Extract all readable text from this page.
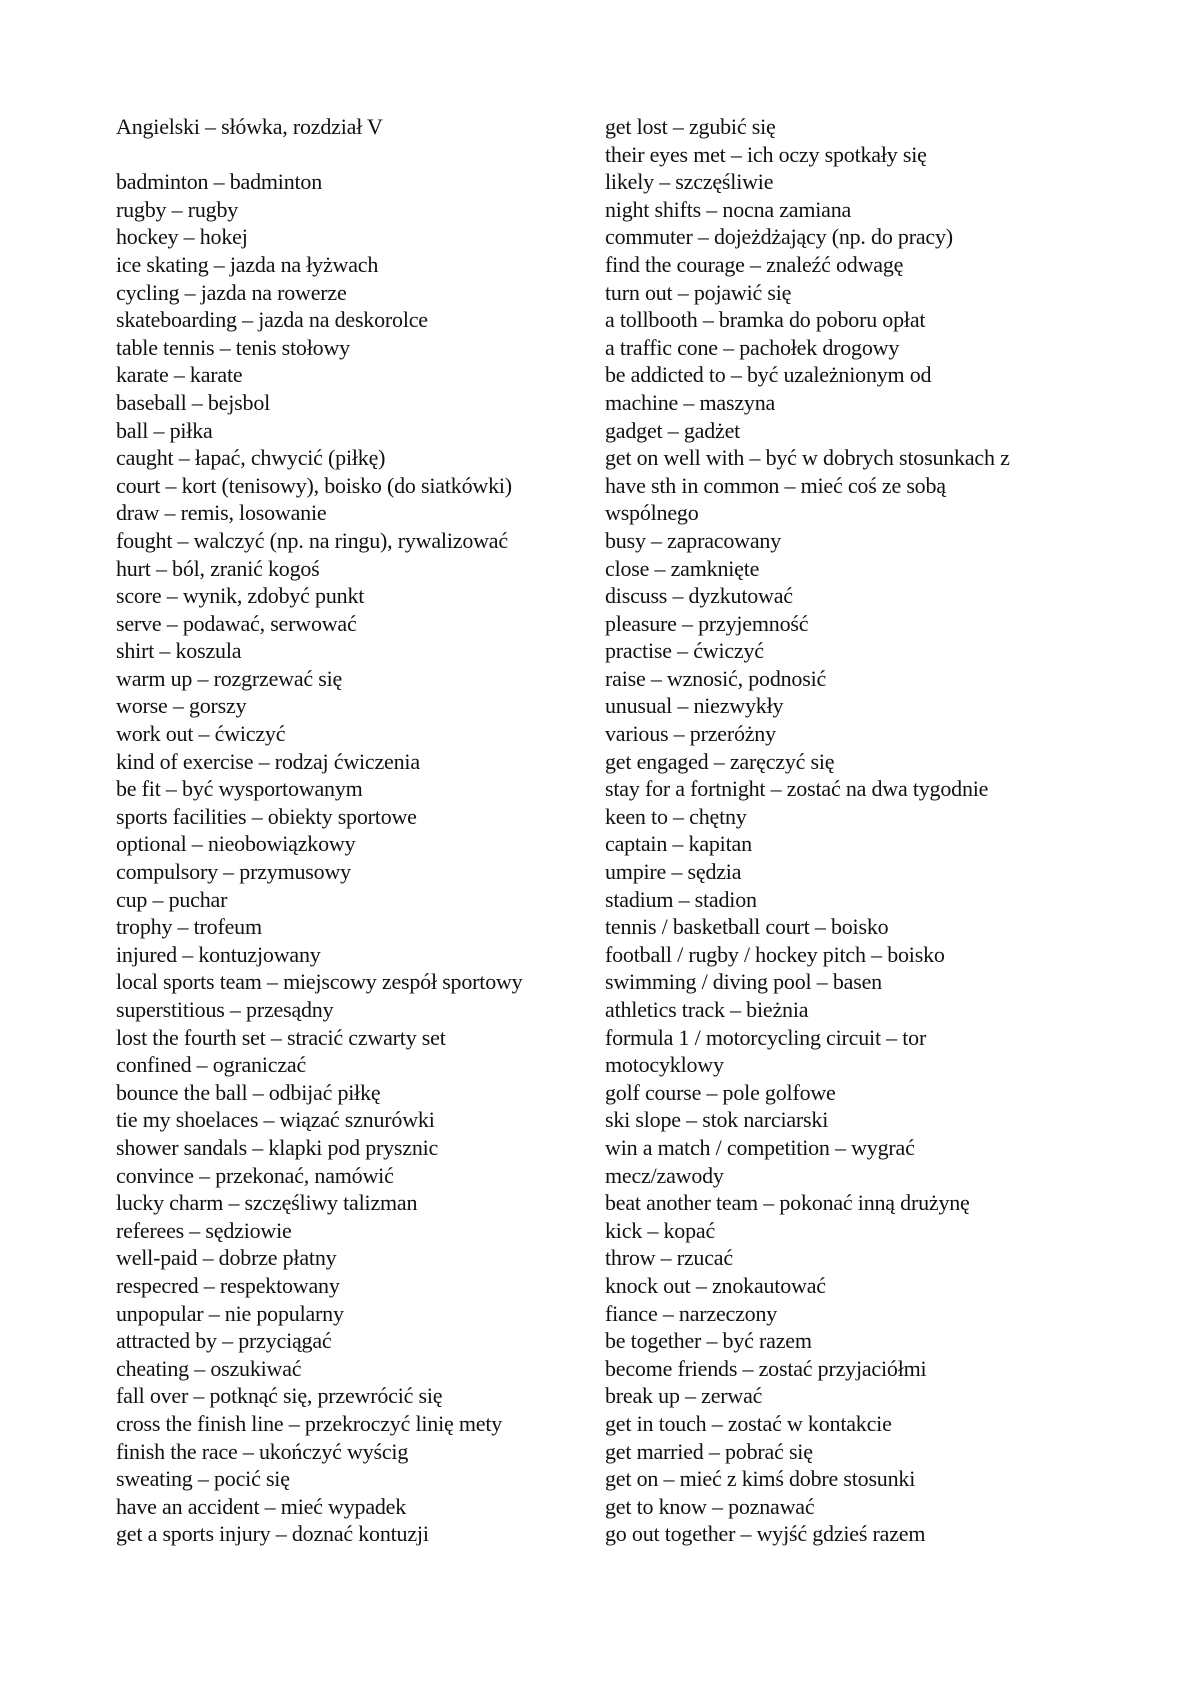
Angielski – słówka, rozdział V
badminton – badminton
rugby – rugby
hockey – hokej
ice skating – jazda na łyżwach
cycling – jazda na rowerze
skateboarding – jazda na deskorolce
table tennis – tenis stołowy
karate – karate
baseball – bejsbol
ball – piłka
caught – łapać, chwycić (piłkę)
court – kort (tenisowy), boisko (do siatkówki)
draw – remis, losowanie
fought – walczyć (np. na ringu), rywalizować
hurt – ból, zranić kogoś
score – wynik, zdobyć punkt
serve – podawać, serwować
shirt – koszula
warm up – rozgrzewać się
worse – gorszy
work out – ćwiczyć
kind of exercise – rodzaj ćwiczenia
be fit – być wysportowanym
sports facilities – obiekty sportowe
optional – nieobowiązkowy
compulsory – przymusowy
cup – puchar
trophy – trofeum
injured – kontuzjowany
local sports team – miejscowy zespół sportowy
superstitious – przesądny
lost the fourth set – stracić czwarty set
confined – ograniczać
bounce the ball – odbijać piłkę
tie my shoelaces – wiązać sznurówki
shower sandals – klapki pod prysznic
convince – przekonać, namówić
lucky charm – szczęśliwy talizman
referees – sędziowie
well-paid – dobrze płatny
respecred – respektowany
unpopular – nie popularny
attracted by – przyciągać
cheating – oszukiwać
fall over – potknąć się, przewrócić się
cross the finish line – przekroczyć linię mety
finish the race – ukończyć wyścig
sweating – pocić się
have an accident – mieć wypadek
get a sports injury – doznać kontuzji
get lost – zgubić się
their eyes met – ich oczy spotkały się
likely – szczęśliwie
night shifts – nocna zamiana
commuter – dojeżdżający (np. do pracy)
find the courage – znaleźć odwagę
turn out – pojawić się
a tollbooth – bramka do poboru opłat
a traffic cone – pachołek drogowy
be addicted to – być uzależnionym od
machine – maszyna
gadget – gadżet
get on well with – być w dobrych stosunkach z
have sth in common – mieć coś ze sobą
wspólnego
busy – zapracowany
close – zamknięte
discuss – dyzkutować
pleasure – przyjemność
practise – ćwiczyć
raise – wznosić, podnosić
unusual – niezwykły
various – przeróżny
get engaged – zaręczyć się
stay for a fortnight – zostać na dwa tygodnie
keen to – chętny
captain – kapitan
umpire – sędzia
stadium – stadion
tennis / basketball court – boisko
football / rugby / hockey pitch – boisko
swimming / diving pool – basen
athletics track – bieżnia
formula 1 / motorcycling circuit – tor
motocyklowy
golf course – pole golfowe
ski slope – stok narciarski
win a match / competition – wygrać
mecz/zawody
beat another team – pokonać inną drużynę
kick – kopać
throw – rzucać
knock out – znokautować
fiance – narzeczony
be together – być razem
become friends – zostać przyjaciółmi
break up – zerwać
get in touch – zostać w kontakcie
get married – pobrać się
get on – mieć z kimś dobre stosunki
get to know – poznawać
go out together – wyjść gdzieś razem
